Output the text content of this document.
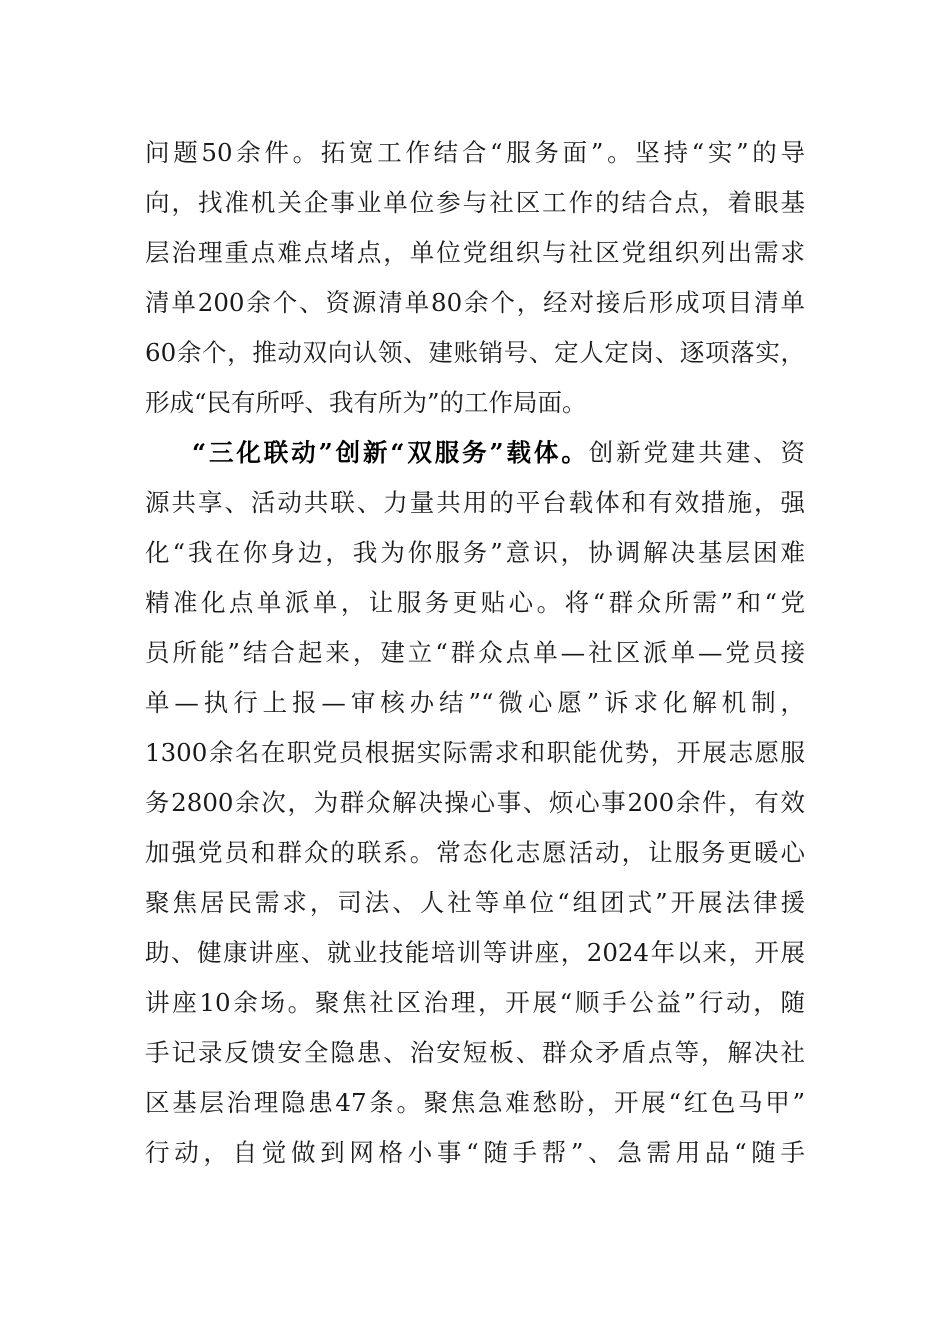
问题50余件。拓宽工作结合“服务面”。坚持“实”的导
向，找准机关企事业单位参与社区工作的结合点，着眼基
层治理重点难点堵点，单位党组织与社区党组织列出需求
清单200余个、资源清单80余个，经对接后形成项目清单
60余个，推动双向认领、建账销号、定人定岗、逐项落实，
形成“民有所呼、我有所为”的工作局面。
“三化联动”创新“双服务”载体。创新党建共建、资
源共享、活动共联、力量共用的平台载体和有效措施，强
化“我在你身边，我为你服务”意识，协调解决基层困难
精准化点单派单，让服务更贴心。将“群众所需”和“党
员所能”结合起来，建立“群众点单—社区派单—党员接
单—执行上报—审核办结”“微心愿”诉求化解机制，
1300余名在职党员根据实际需求和职能优势，开展志愿服
务2800余次，为群众解决操心事、烦心事200余件，有效
加强党员和群众的联系。常态化志愿活动，让服务更暖心
聚焦居民需求，司法、人社等单位“组团式”开展法律援
助、健康讲座、就业技能培训等讲座，2024年以来，开展
讲座10余场。聚焦社区治理，开展“顺手公益”行动，随
手记录反馈安全隐患、治安短板、群众矛盾点等，解决社
区基层治理隐患47条。聚焦急难愁盼，开展“红色马甲”
行动，自觉做到网格小事“随手帮”、急需用品“随手
